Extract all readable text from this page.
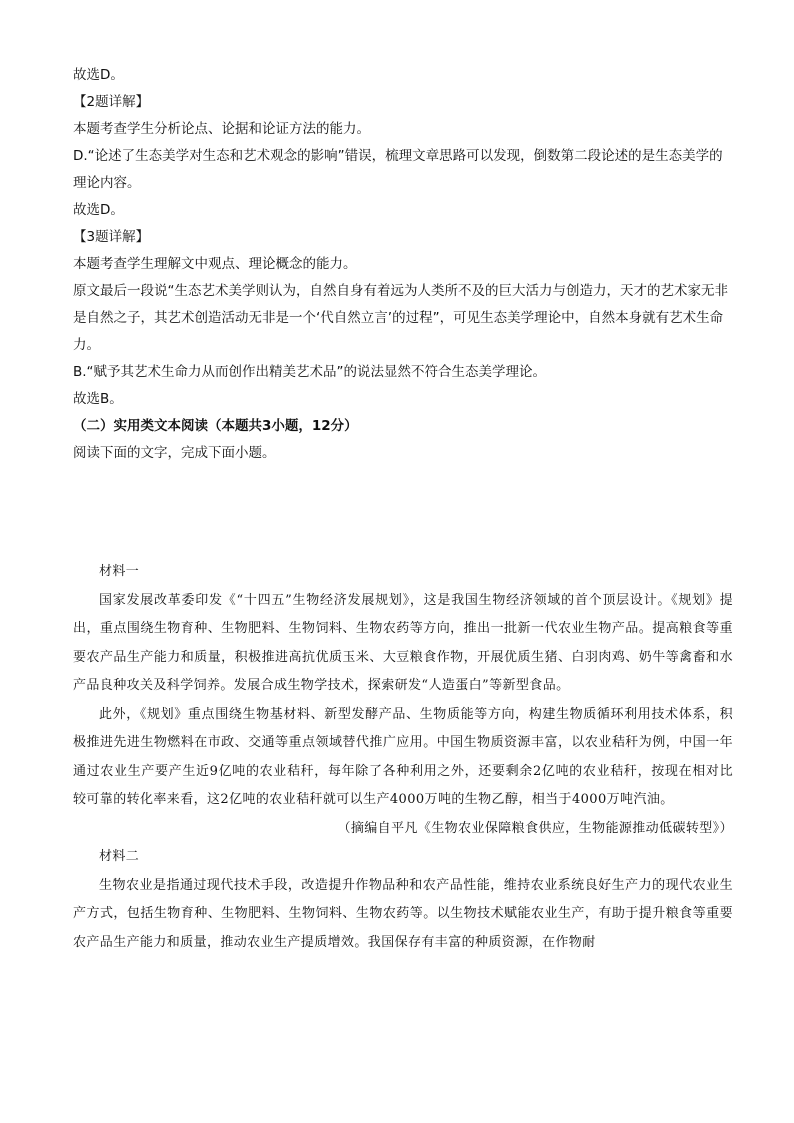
故选D。

【2题详解】

本题考查学生分析论点、论据和论证方法的能力。

D.“论述了生态美学对生态和艺术观念的影响”错误，梳理文章思路可以发现，倒数第二段论述的是生态美学的理论内容。

故选D。

【3题详解】

本题考查学生理解文中观点、理论概念的能力。

原文最后一段说“生态艺术美学则认为，自然自身有着远为人类所不及的巨大活力与创造力，天才的艺术家无非是自然之子，其艺术创造活动无非是一个‘代自然立言’的过程”，可见生态美学理论中，自然本身就有艺术生命力。

B.“赋予其艺术生命力从而创作出精美艺术品”的说法显然不符合生态美学理论。

故选B。

（二）实用类文本阅读（本题共3小题，12分）

阅读下面的文字，完成下面小题。

材料一

国家发展改革委印发《“十四五”生物经济发展规划》，这是我国生物经济领域的首个顶层设计。《规划》提出，重点围绕生物育种、生物肥料、生物饲料、生物农药等方向，推出一批新一代农业生物产品。提高粮食等重要农产品生产能力和质量，积极推进高抗优质玉米、大豆粮食作物，开展优质生猪、白羽肉鸡、奶牛等禽畜和水产品良种攻关及科学饲养。发展合成生物学技术，探索研发“人造蛋白”等新型食品。

此外，《规划》重点围绕生物基材料、新型发酵产品、生物质能等方向，构建生物质循环利用技术体系，积极推进先进生物燃料在市政、交通等重点领域替代推广应用。中国生物质资源丰富，以农业秸秆为例，中国一年通过农业生产要产生近9亿吨的农业秸秆，每年除了各种利用之外，还要剩余2亿吨的农业秸秆，按现在相对比较可靠的转化率来看，这2亿吨的农业秸秆就可以生产4000万吨的生物乙醇，相当于4000万吨汽油。

（摘编自平凡《生物农业保障粮食供应，生物能源推动低碳转型》）

材料二

生物农业是指通过现代技术手段，改造提升作物品种和农产品性能，维持农业系统良好生产力的现代农业生产方式，包括生物育种、生物肥料、生物饲料、生物农药等。以生物技术赋能农业生产，有助于提升粮食等重要农产品生产能力和质量，推动农业生产提质增效。我国保存有丰富的种质资源，在作物耐
